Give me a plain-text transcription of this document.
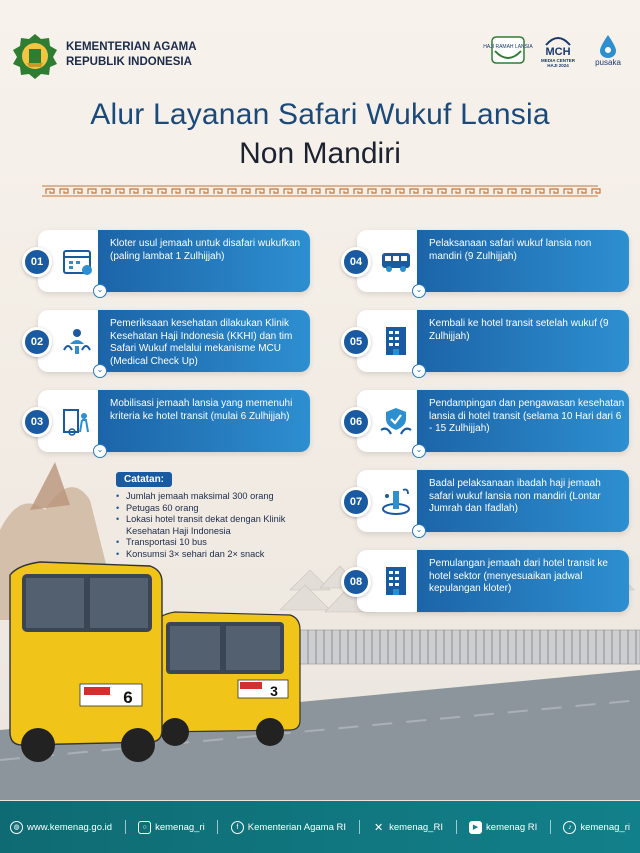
KEMENTERIAN AGAMA
REPUBLIK INDONESIA
HAJI RAMAH LANSIA	MCH
MEDIA CENTER HAJI 2024	pusaka
Alur Layanan Safari Wukuf Lansia
Non Mandiri
3
6
01
Kloter usul jemaah untuk disafari wukufkan (paling lambat 1 Zulhijjah)
⌄
02
Pemeriksaan kesehatan dilakukan Klinik Kesehatan Haji Indonesia (KKHI) dan tim Safari Wukuf melalui mekanisme MCU (Medical Check Up)
⌄
03
Mobilisasi jemaah lansia yang memenuhi kriteria ke hotel transit (mulai 6 Zulhijjah)
⌄
04
Pelaksanaan safari wukuf lansia non mandiri (9 Zulhijjah)
⌄
05
Kembali ke hotel transit setelah wukuf (9 Zulhijjah)
⌄
06
Pendampingan dan pengawasan kesehatan lansia di hotel transit (selama 10 Hari dari 6 - 15 Zulhijjah)
⌄
07
Badal pelaksanaan ibadah haji jemaah safari wukuf lansia non mandiri (Lontar Jumrah dan Ifadlah)
⌄
08
Pemulangan jemaah dari hotel transit ke hotel sektor (menyesuaikan jadwal kepulangan kloter)
Catatan:
• Jumlah jemaah maksimal 300 orang
• Petugas 60 orang
• Lokasi hotel transit dekat dengan Klinik Kesehatan Haji Indonesia
• Transportasi 10 bus
• Konsumsi 3× sehari dan 2× snack
◍ www.kemenag.go.id	○ kemenag_ri	f	Kementerian Agama RI	✕ kemenag_RI	▶ kemenag RI	♪ kemenag_ri
